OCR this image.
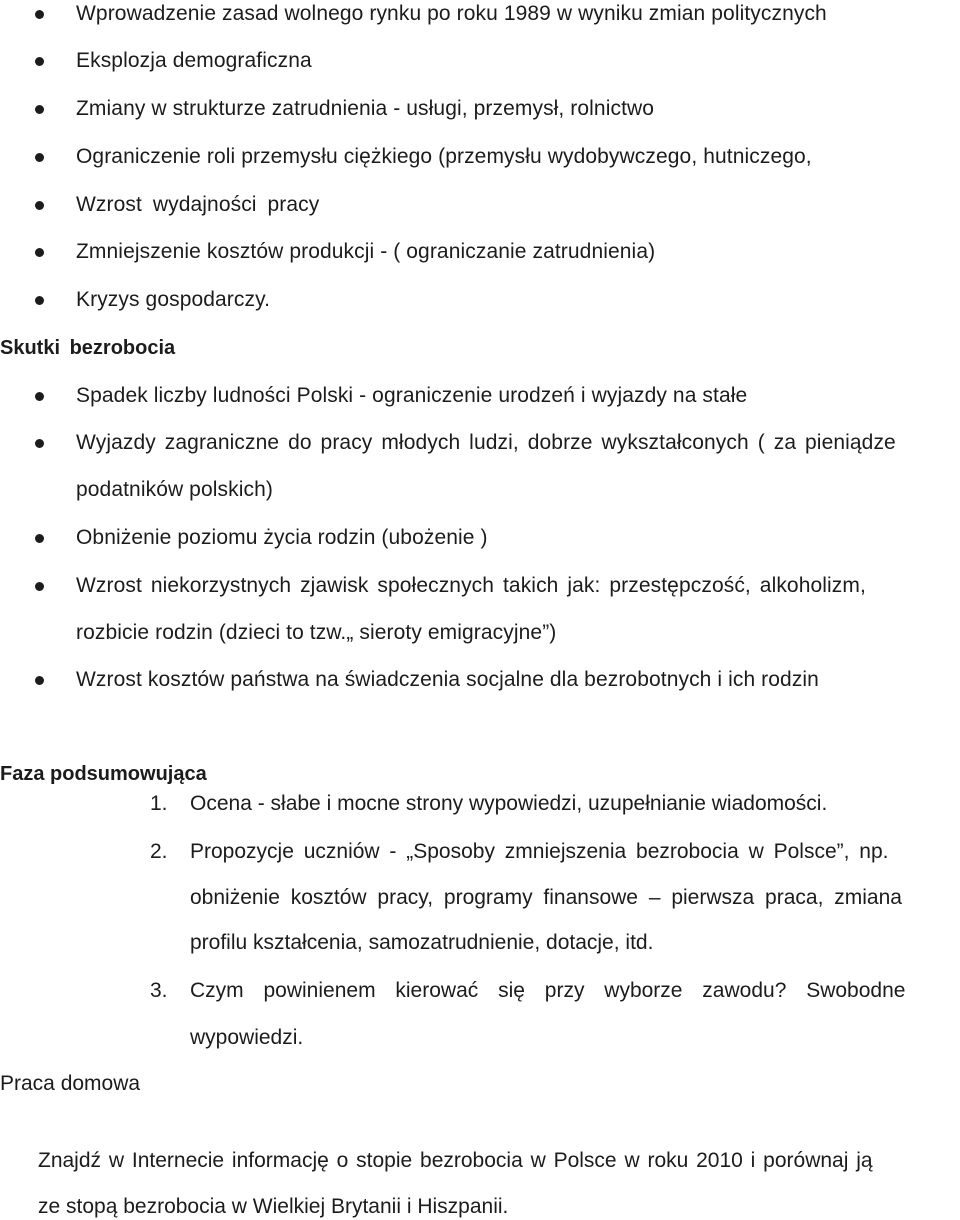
Wprowadzenie zasad wolnego rynku po roku 1989 w wyniku zmian politycznych
Eksplozja demograficzna
Zmiany w strukturze zatrudnienia - usługi, przemysł, rolnictwo
Ograniczenie roli przemysłu ciężkiego (przemysłu wydobywczego, hutniczego,
Wzrost wydajności pracy
Zmniejszenie kosztów produkcji - ( ograniczanie zatrudnienia)
Kryzys gospodarczy.
Skutki bezrobocia
Spadek liczby ludności Polski - ograniczenie urodzeń i wyjazdy na stałe
Wyjazdy zagraniczne do pracy młodych ludzi, dobrze wykształconych ( za pieniądze
podatników polskich)
Obniżenie poziomu życia rodzin (ubożenie )
Wzrost niekorzystnych zjawisk społecznych takich jak: przestępczość, alkoholizm,
rozbicie rodzin (dzieci to tzw.„ sieroty emigracyjne”)
Wzrost kosztów państwa na świadczenia socjalne dla bezrobotnych i ich rodzin
Faza podsumowująca
1. Ocena - słabe i mocne strony wypowiedzi, uzupełnianie wiadomości.
2. Propozycje uczniów - „Sposoby zmniejszenia bezrobocia w Polsce”, np.
obniżenie kosztów pracy, programy finansowe – pierwsza praca, zmiana
profilu kształcenia, samozatrudnienie, dotacje, itd.
3. Czym powinienem kierować się przy wyborze zawodu? Swobodne
wypowiedzi.
Praca domowa
Znajdź w Internecie informację o stopie bezrobocia w Polsce w roku 2010 i porównaj ją
ze stopą bezrobocia w Wielkiej Brytanii i Hiszpanii.
